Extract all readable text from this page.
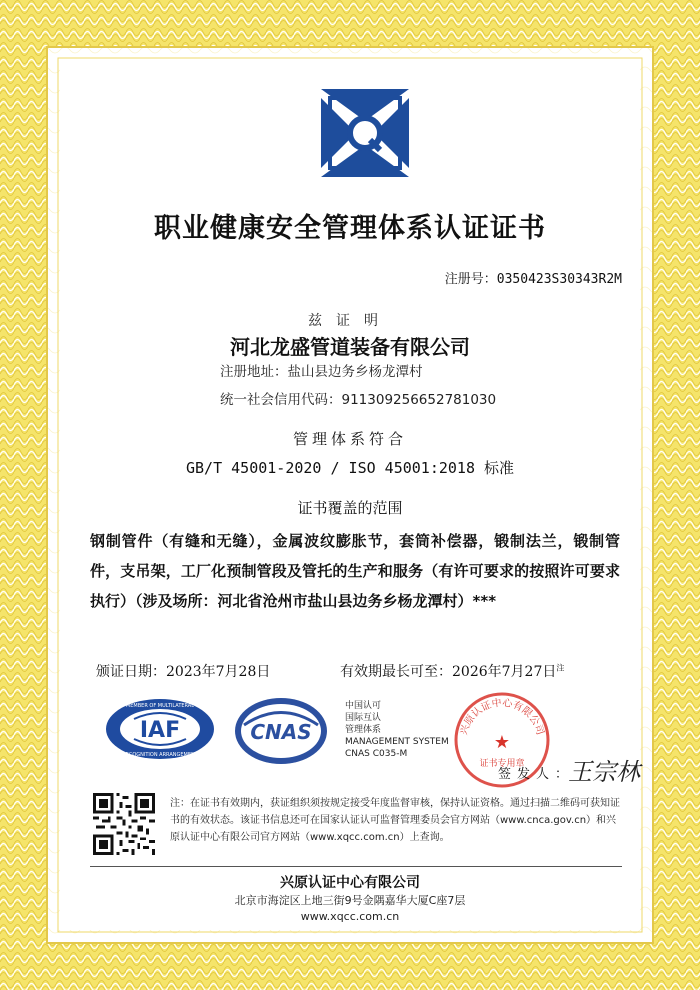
职业健康安全管理体系认证证书
注册号：0350423S30343R2M
兹证明
河北龙盛管道装备有限公司
注册地址：盐山县边务乡杨龙潭村
统一社会信用代码：911309256652781030
管理体系符合
GB/T 45001-2020 / ISO 45001:2018 标准
证书覆盖的范围
钢制管件（有缝和无缝），金属波纹膨胀节，套筒补偿器，锻制法兰，锻制管件，支吊架，工厂化预制管段及管托的生产和服务（有许可要求的按照许可要求执行）（涉及场所：河北省沧州市盐山县边务乡杨龙潭村）***
颁证日期：2023年7月28日	有效期最长可至：2026年7月27日$^注$
IAF
MEMBER OF MULTILATERAL
RECOGNITION ARRANGEMENT
CNAS
中国认可
国际互认
管理体系
MANAGEMENT SYSTEM
CNAS C035-M
兴原认证中心有限公司
★
证书专用章
签发人：
王宗林
注：在证书有效期内，获证组织须按规定接受年度监督审核，保持认证资格。通过扫描二维码可获知证书的有效状态。该证书信息还可在国家认证认可监督管理委员会官方网站（www.cnca.gov.cn）和兴原认证中心有限公司官方网站（www.xqcc.com.cn）上查询。
兴原认证中心有限公司
北京市海淀区上地三街9号金隅嘉华大厦C座7层
www.xqcc.com.cn
